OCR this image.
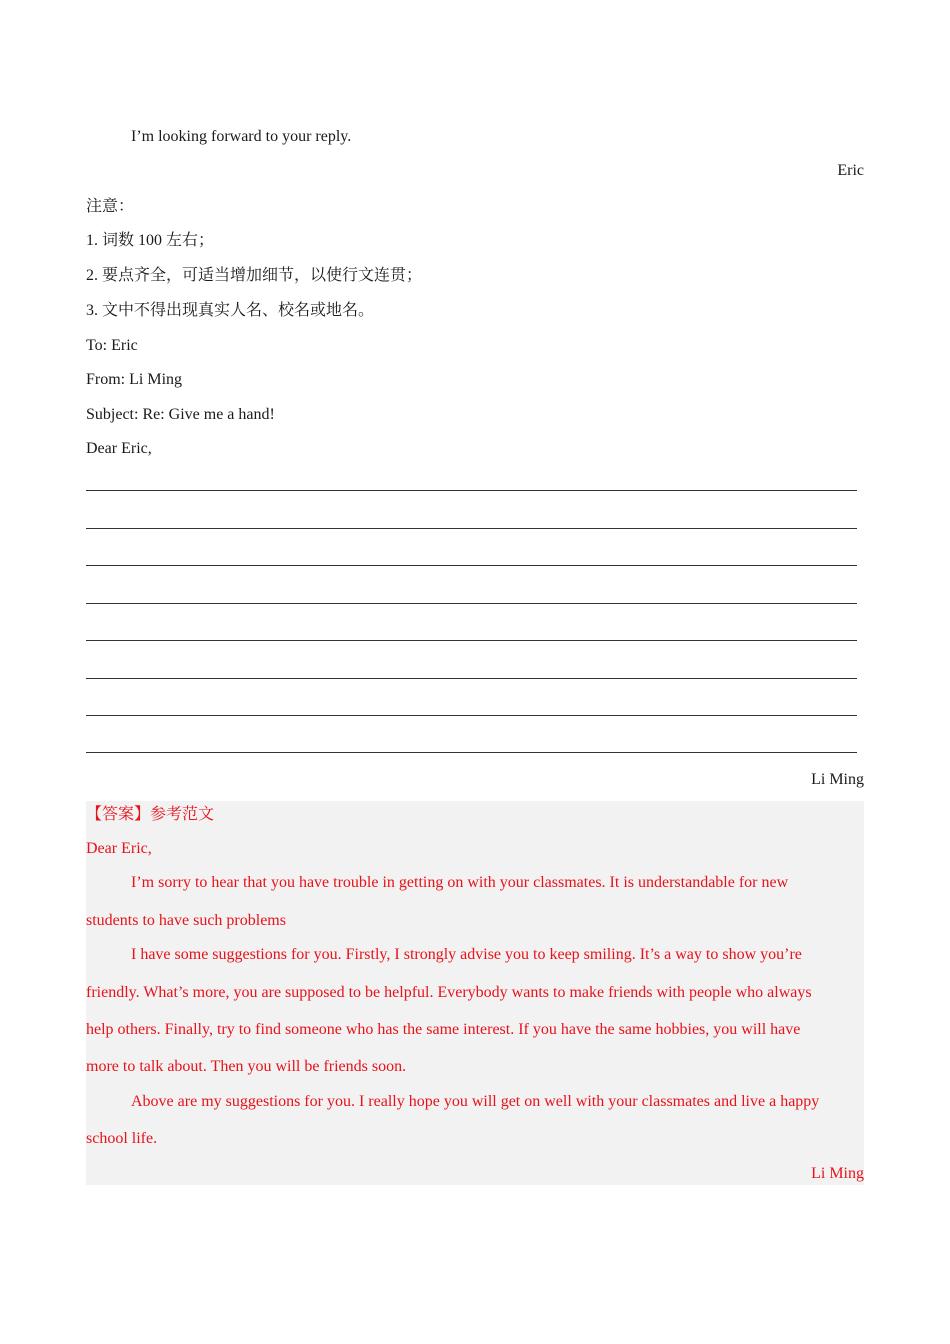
I’m looking forward to your reply.
Eric
注意：
1. 词数 100 左右；
2. 要点齐全，可适当增加细节，以使行文连贯；
3. 文中不得出现真实人名、校名或地名。
To: Eric
From: Li Ming
Subject: Re: Give me a hand!
Dear Eric,
Li Ming
【答案】参考范文
Dear Eric,
I’m sorry to hear that you have trouble in getting on with your classmates. It is understandable for new
students to have such problems
I have some suggestions for you. Firstly, I strongly advise you to keep smiling. It’s a way to show you’re
friendly. What’s more, you are supposed to be helpful. Everybody wants to make friends with people who always
help others. Finally, try to find someone who has the same interest. If you have the same hobbies, you will have
more to talk about. Then you will be friends soon.
Above are my suggestions for you. I really hope you will get on well with your classmates and live a happy
school life.
Li Ming
